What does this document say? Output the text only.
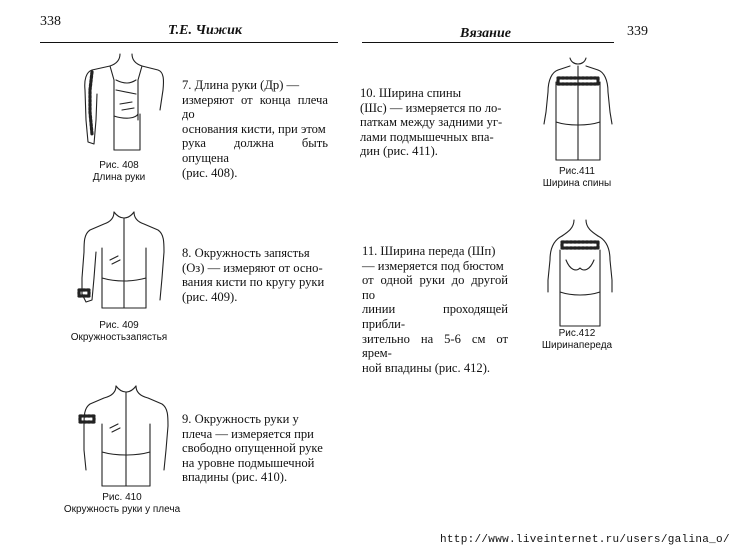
338
Т.Е. Чижик	Вязание	339
Рис. 408
Длина руки
7. Длина руки (Др) —
измеряют от конца плеча до
основания кисти, при этом
рука должна быть опущена
(рис. 408).
Рис. 409
Окружностьзапястья
8. Окружность запястья
(Оз) — измеряют от осно-
вания кисти по кругу руки
(рис. 409).
Рис. 410
Окружность руки у плеча
9. Окружность руки у
плеча — измеряется при
свободно опущенной руке
на уровне подмышечной
впадины (рис. 410).
Рис.411
Ширина спины
10. Ширина спины
(Шс) — измеряется по ло-
паткам между задними уг-
лами подмышечных впа-
дин (рис. 411).
Рис.412
Ширинапереда
11. Ширина переда (Шп)
— измеряется под бюстом
от одной руки до другой по
линии проходящей прибли-
зительно на 5-6 см от ярем-
ной впадины (рис. 412).
http://www.liveinternet.ru/users/galina_o/
